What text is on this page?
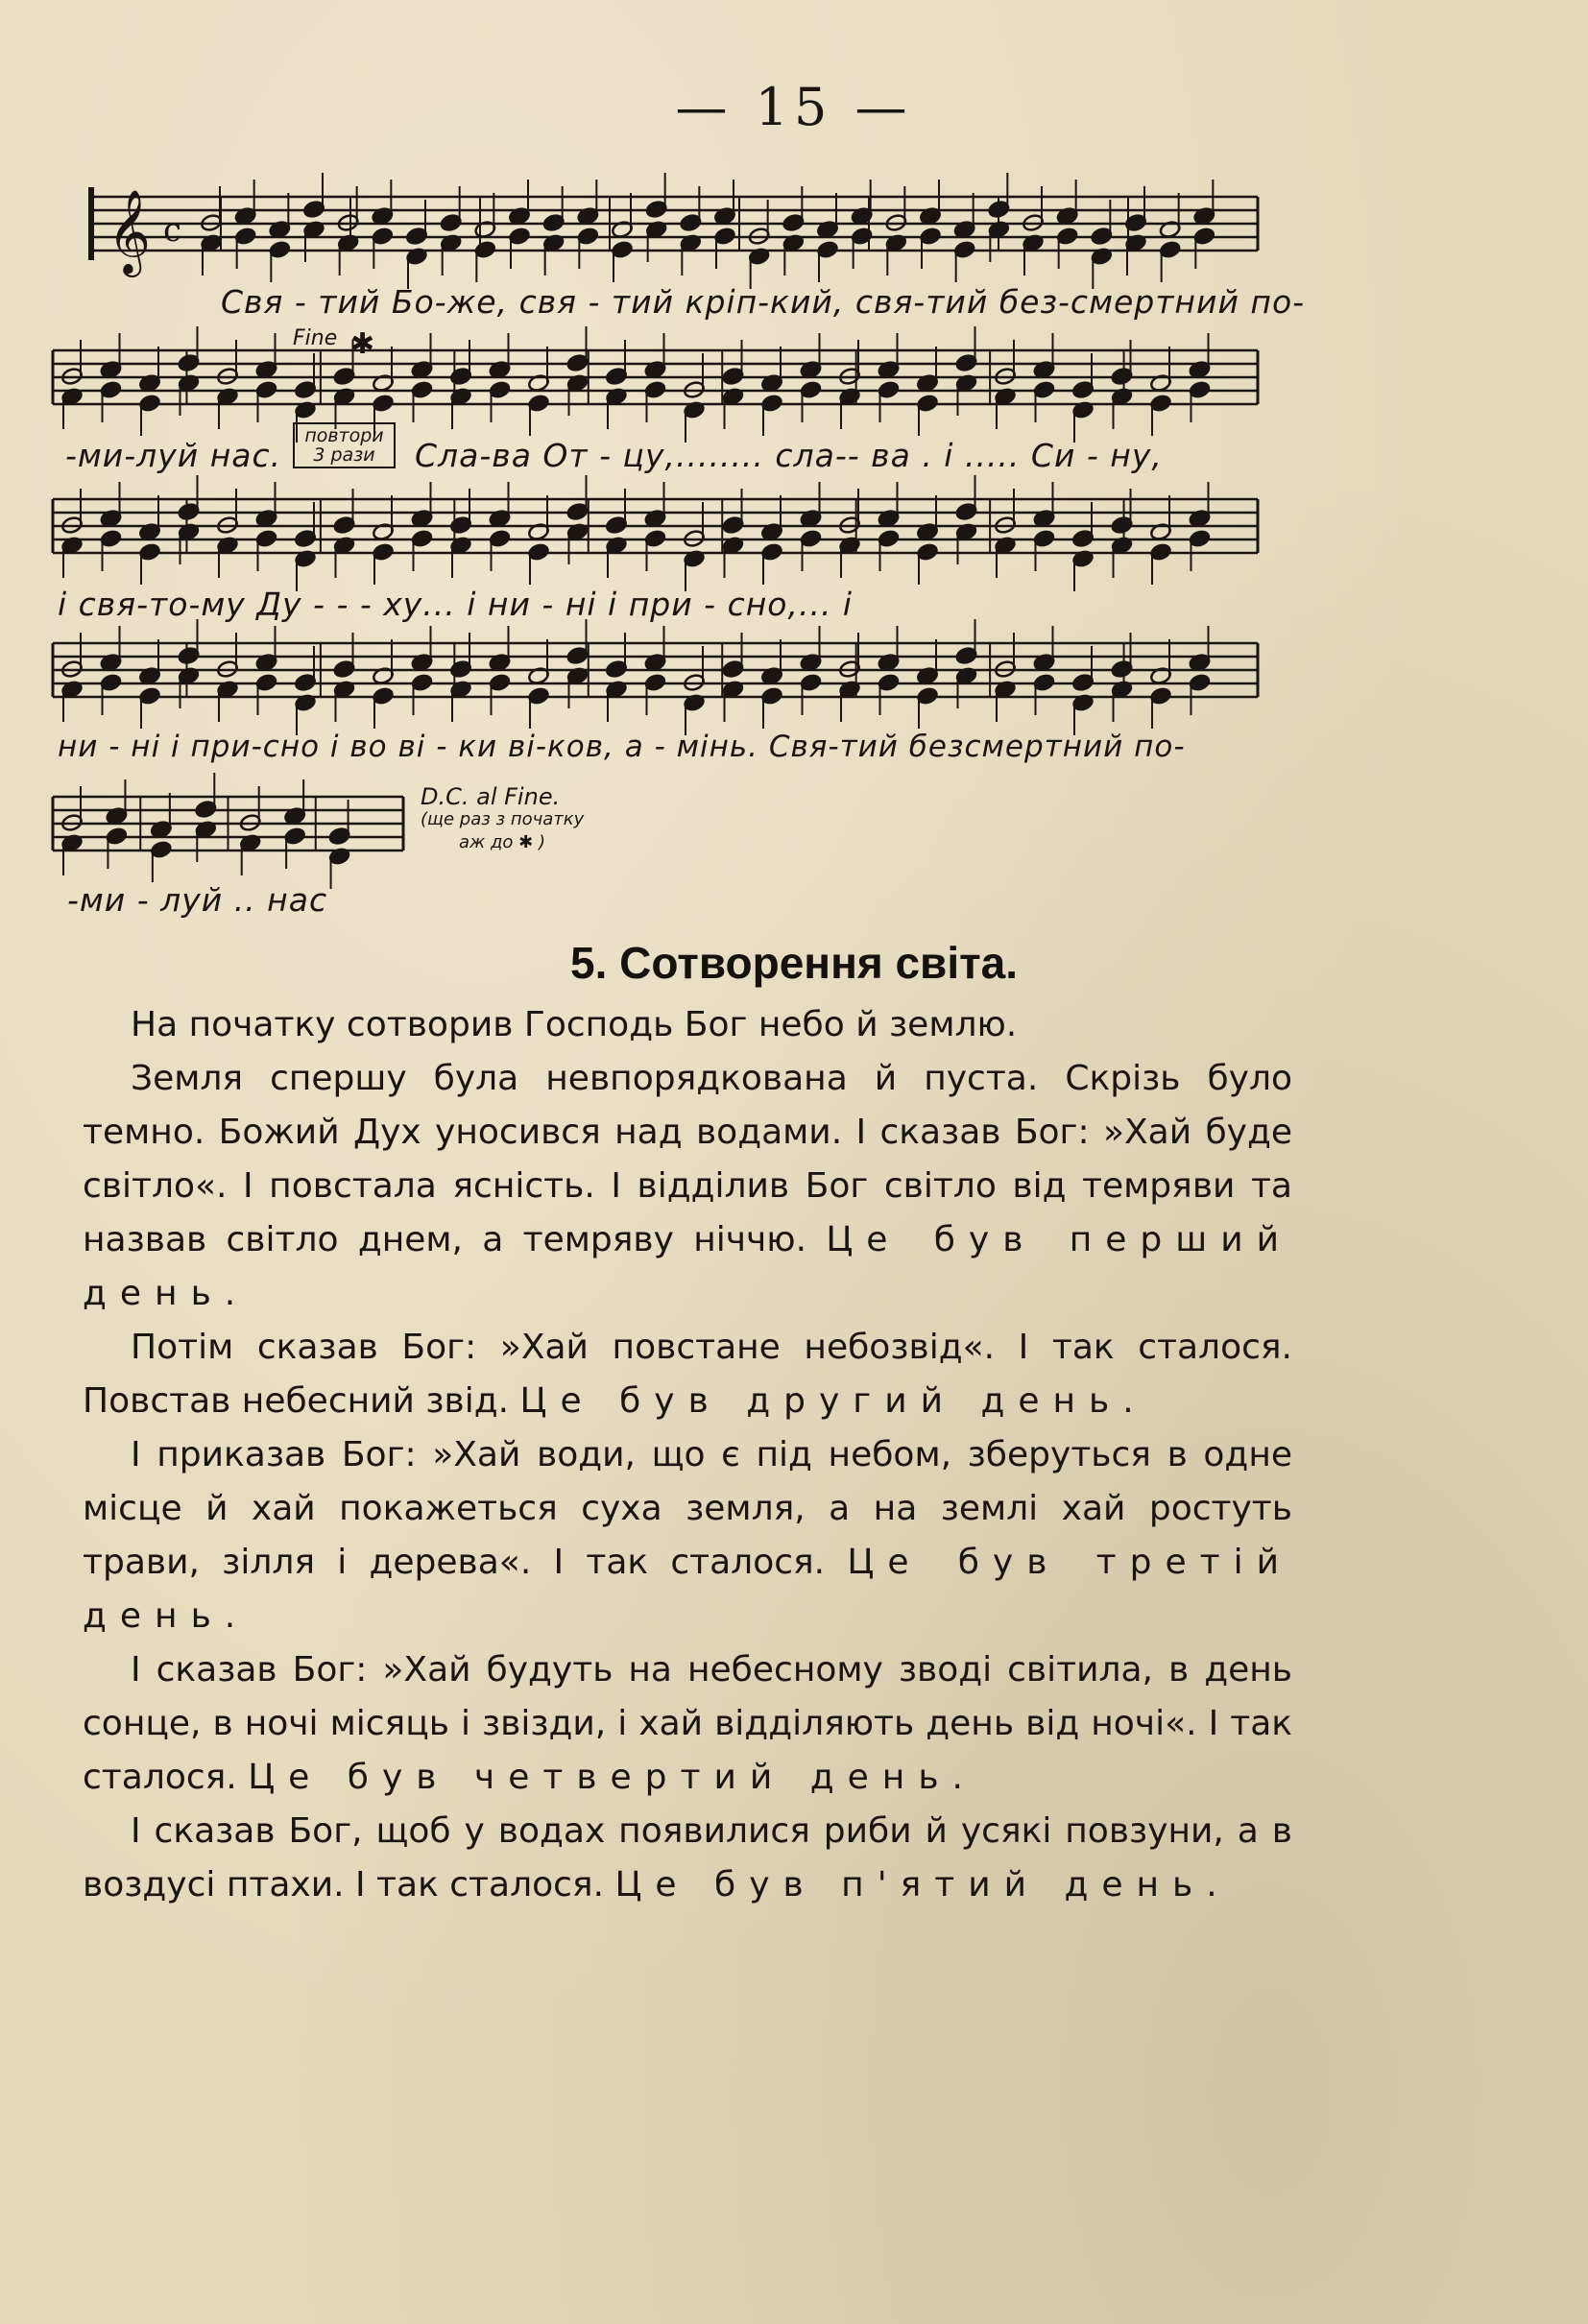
— 15 —
𝄞 c
✱
Свя - тий Бо-же, свя - тий кріп-кий, свя-тий без-смертний по-
Fine
-ми-луй нас.
повтори 3 рази	Сла-ва От - цу,........ сла-- ва . і ..... Си - ну,
і свя-то-му Ду - - - ху... і ни - ні і при - сно,... і
ни - ні і при-сно і во ві - ки ві-ков, а - мінь. Свя-тий безсмертний по-
-ми - луй .. нас
D.C. al Fine.
(ще раз з початку
аж до ✱ )
5. Сотворення світа.

На початку сотворив Господь Бог небо й землю.

Земля спершу була невпорядкована й пуста. Скрізь було темно. Божий Дух уносився над водами. І сказав Бог: »Хай буде світло«. І повстала ясність. І відділив Бог світло від темряви та назвав світло днем, а темряву ніччю. Це був перший день.

Потім сказав Бог: »Хай повстане небозвід«. І так сталося. Повстав небесний звід. Це був другий день.

І приказав Бог: »Хай води, що є під небом, зберуться в одне місце й хай покажеться суха земля, а на землі хай ростуть трави, зілля і дерева«. І так сталося. Це був третій день.

І сказав Бог: »Хай будуть на небесному зводі світила, в день сонце, в ночі місяць і звізди, і хай відділяють день від ночі«. І так сталося. Це був четвертий день.

І сказав Бог, щоб у водах появилися риби й усякі повзуни, а в воздусі птахи. І так сталося. Це був п'ятий день.
